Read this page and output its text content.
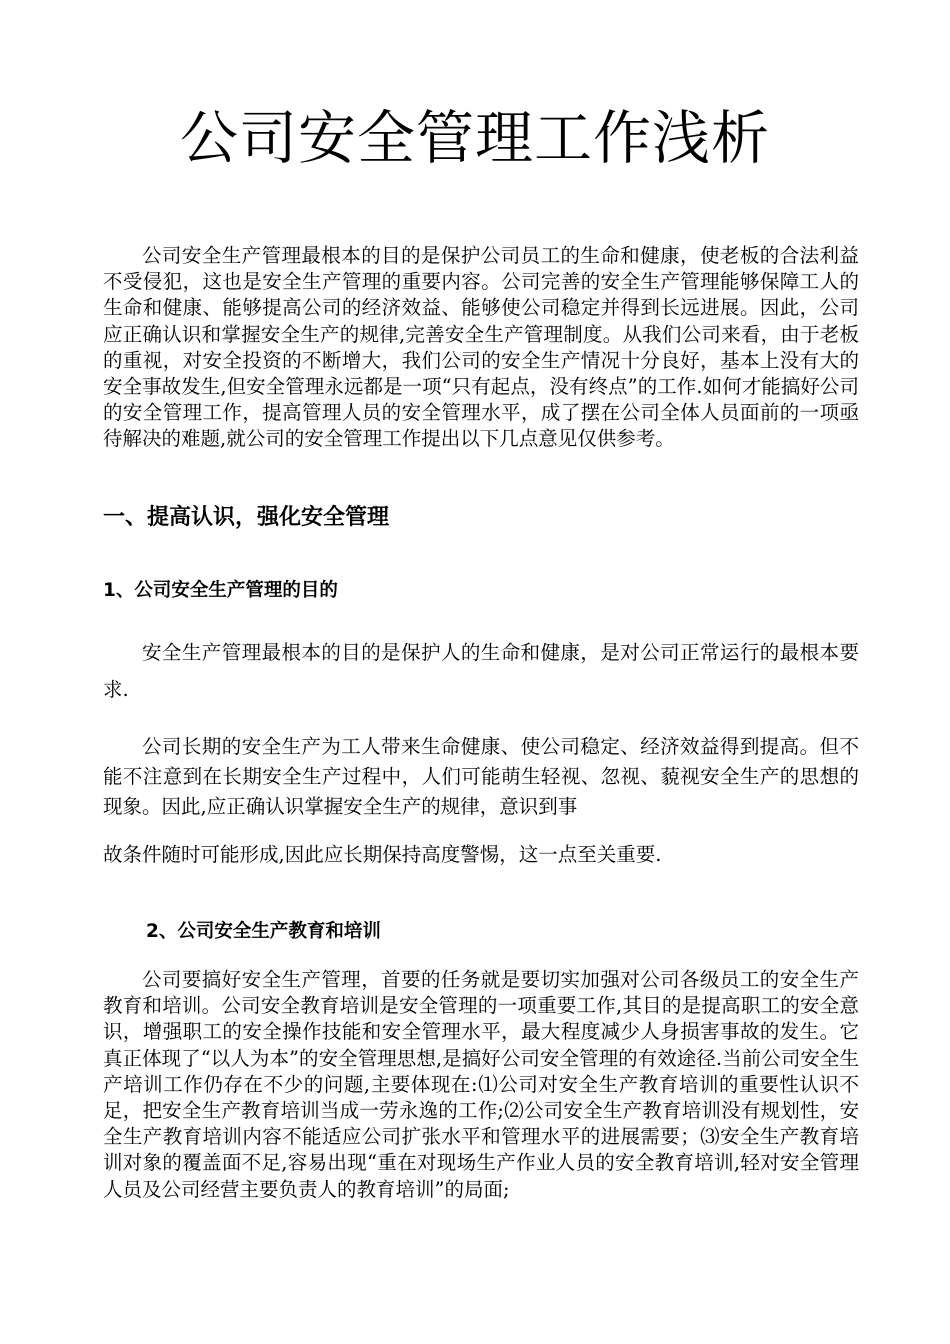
公司安全管理工作浅析

公司安全生产管理最根本的目的是保护公司员工的生命和健康，使老板的合法利益不受侵犯，这也是安全生产管理的重要内容。公司完善的安全生产管理能够保障工人的生命和健康、能够提高公司的经济效益、能够使公司稳定并得到长远进展。因此，公司应正确认识和掌握安全生产的规律,完善安全生产管理制度。从我们公司来看，由于老板的重视，对安全投资的不断增大，我们公司的安全生产情况十分良好，基本上没有大的安全事故发生,但安全管理永远都是一项“只有起点，没有终点”的工作.如何才能搞好公司的安全管理工作，提高管理人员的安全管理水平，成了摆在公司全体人员面前的一项亟待解决的难题,就公司的安全管理工作提出以下几点意见仅供参考。

一、提高认识，强化安全管理
1、公司安全生产管理的目的

安全生产管理最根本的目的是保护人的生命和健康，是对公司正常运行的最根本要求.

公司长期的安全生产为工人带来生命健康、使公司稳定、经济效益得到提高。但不能不注意到在长期安全生产过程中，人们可能萌生轻视、忽视、藐视安全生产的思想的现象。因此,应正确认识掌握安全生产的规律，意识到事

故条件随时可能形成,因此应长期保持高度警惕，这一点至关重要.

2、公司安全生产教育和培训

公司要搞好安全生产管理，首要的任务就是要切实加强对公司各级员工的安全生产教育和培训。公司安全教育培训是安全管理的一项重要工作,其目的是提高职工的安全意识，增强职工的安全操作技能和安全管理水平，最大程度减少人身损害事故的发生。它真正体现了“以人为本”的安全管理思想,是搞好公司安全管理的有效途径.当前公司安全生产培训工作仍存在不少的问题,主要体现在:⑴公司对安全生产教育培训的重要性认识不足，把安全生产教育培训当成一劳永逸的工作;⑵公司安全生产教育培训没有规划性，安全生产教育培训内容不能适应公司扩张水平和管理水平的进展需要；⑶安全生产教育培训对象的覆盖面不足,容易出现“重在对现场生产作业人员的安全教育培训,轻对安全管理人员及公司经营主要负责人的教育培训”的局面;
